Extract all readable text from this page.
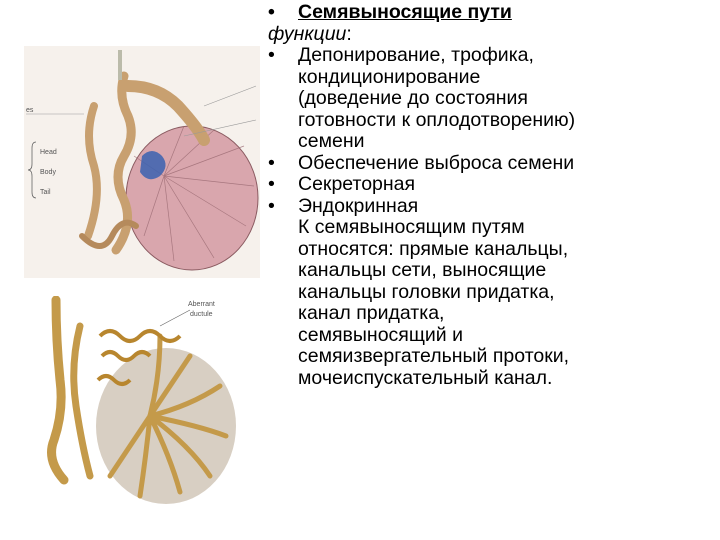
es
Head
Body
Tail
Aberrant
ductule
• Семявыносящие пути
функции:
• Депонирование, трофика,
кондиционирование
(доведение до состояния
готовности к оплодотворению)
семени
• Обеспечение выброса семени
• Секреторная
• Эндокринная
К семявыносящим путям
относятся: прямые канальцы,
канальцы сети, выносящие
канальцы головки придатка,
канал придатка,
семявыносящий и
семяизвергательный протоки,
мочеиспускательный канал.
